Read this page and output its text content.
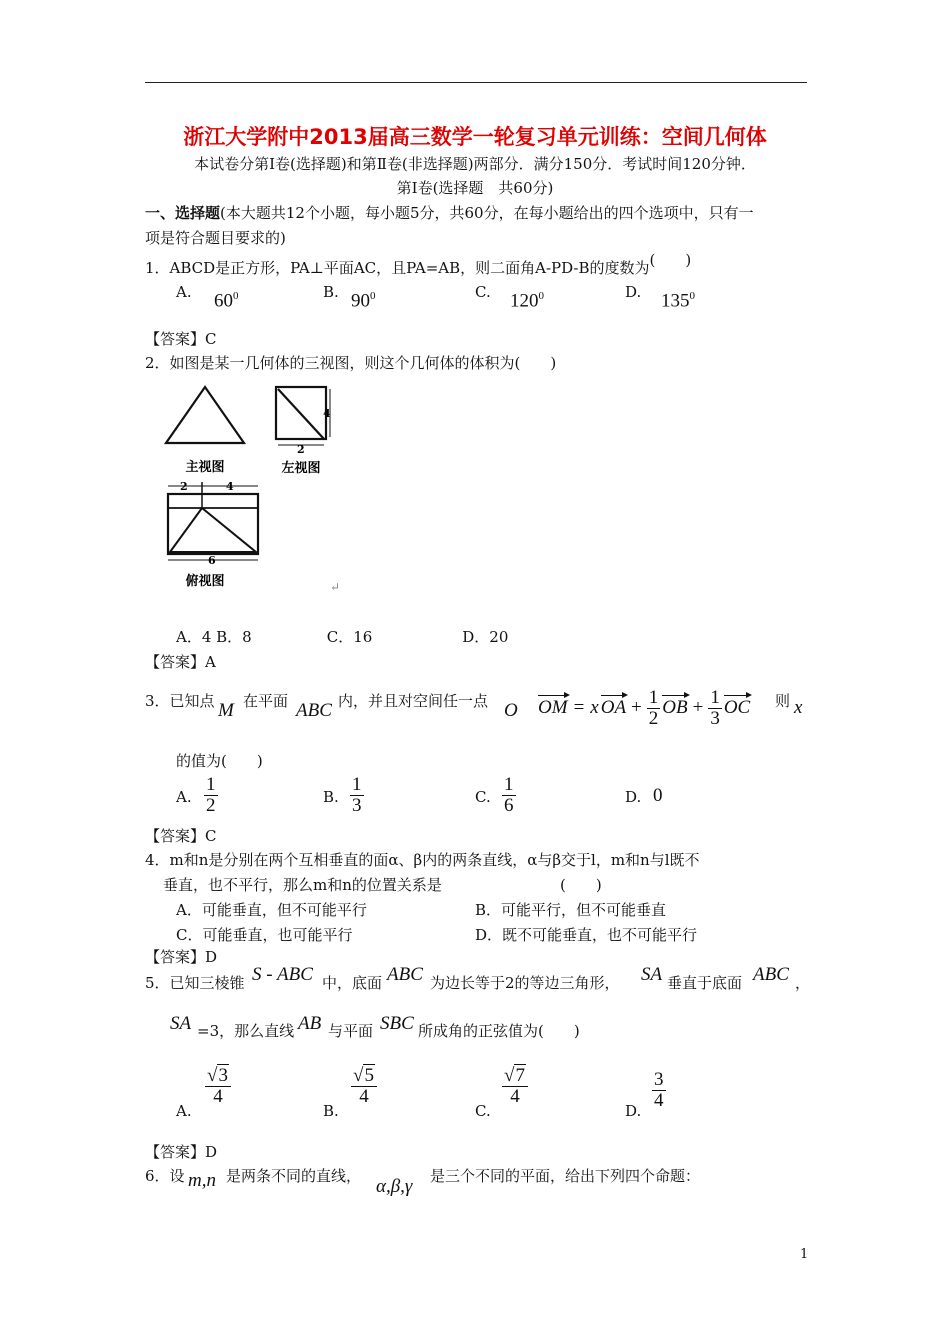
浙江大学附中2013届高三数学一轮复习单元训练：空间几何体
本试卷分第Ⅰ卷(选择题)和第Ⅱ卷(非选择题)两部分．满分150分．考试时间120分钟．
第Ⅰ卷(选择题　共60分)
一、选择题(本大题共12个小题，每小题5分，共60分，在每小题给出的四个选项中，只有一
项是符合题目要求的)
1．ABCD是正方形，PA⊥平面AC，且PA=AB，则二面角A-PD-B的度数为(　　)
A. $60^0$	B. $90^0$	C. $120^0$	D. $135^0$
【答案】C
2．如图是某一几何体的三视图，则这个几何体的体积为(　　)
主视图
4
2
左视图
2	4
6
俯视图	↵
A．4 B．8　　　　　C．16　　　　　　D．20
【答案】A
3．已知点 M 在平面 ABC 内，并且对空间任一点 O OM = x OA + $\frac{1}{2}$ OB + $\frac{1}{3}$ OC 则 x
的值为(　　)
A. $\frac{1}{2}$	B. $\frac{1}{3}$	C. $\frac{1}{6}$	D. 0
【答案】C
4．m和n是分别在两个互相垂直的面α、β内的两条直线，α与β交于l，m和n与l既不
垂直，也不平行，那么m和n的位置关系是	(　　)
A．可能垂直，但不可能平行	B．可能平行，但不可能垂直
C．可能垂直，也可能平行	D．既不可能垂直，也不可能平行
【答案】D
5．已知三棱锥 S - ABC 中，底面 ABC 为边长等于2的等边三角形， SA 垂直于底面 ABC ，
SA =3，那么直线 AB 与平面 SBC 所成角的正弦值为(　　)
A.
$\frac{√3}{4}$
B.
$\frac{√5}{4}$
C.
$\frac{√7}{4}$
D.
$\frac{3}{4}$
【答案】D
6．设 m,n 是两条不同的直线， α,β,γ 是三个不同的平面，给出下列四个命题：
1
